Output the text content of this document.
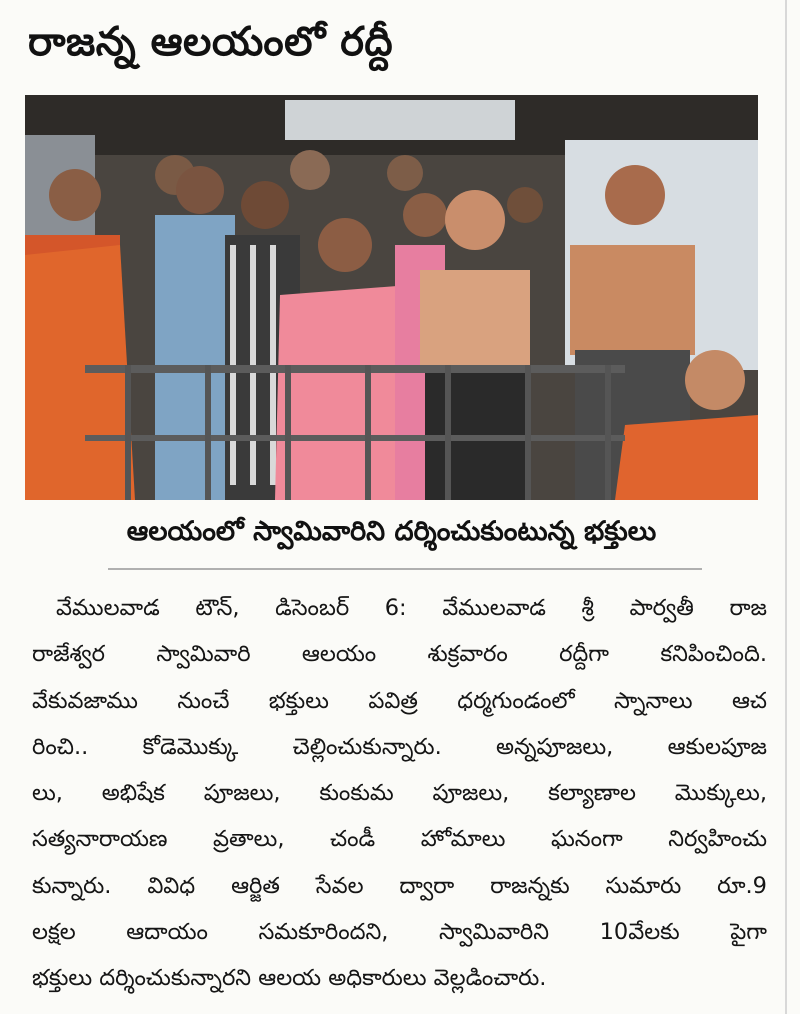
రాజన్న ఆలయంలో రద్దీ
ఆలయంలో స్వామివారిని దర్శించుకుంటున్న భక్తులు
వేములవాడ టౌన్, డిసెంబర్ 6: వేములవాడ శ్రీ పార్వతీ రాజ
రాజేశ్వర స్వామివారి ఆలయం శుక్రవారం రద్దీగా కనిపించింది.
వేకువజాము నుంచే భక్తులు పవిత్ర ధర్మగుండంలో స్నానాలు ఆచ
రించి.. కోడెమొక్కు చెల్లించుకున్నారు. అన్నపూజలు, ఆకులపూజ
లు, అభిషేక పూజలు, కుంకుమ పూజలు, కల్యాణాల మొక్కులు,
సత్యనారాయణ వ్రతాలు, చండీ హోమాలు ఘనంగా నిర్వహించు
కున్నారు. వివిధ ఆర్జిత సేవల ద్వారా రాజన్నకు సుమారు రూ.9
లక్షల ఆదాయం సమకూరిందని, స్వామివారిని 10వేలకు పైగా
భక్తులు దర్శించుకున్నారని ఆలయ అధికారులు వెల్లడించారు.
